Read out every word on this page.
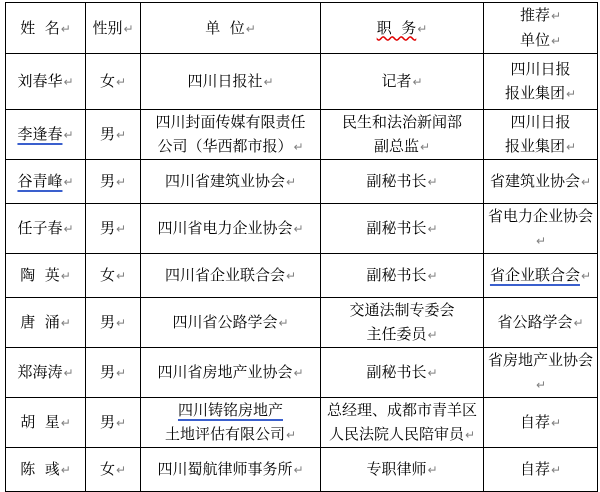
姓  名↵	性别↵	单  位↵	职  务↵	推荐↵
单位↵

刘春华↵	女↵	四川日报社↵	记者↵	四川日报
报业集团↵

李逢春↵	男↵	四川封面传媒有限责任
公司（华西都市报）↵	民生和法治新闻部
副总监↵	四川日报
报业集团↵

谷青峰↵	男↵	四川省建筑业协会↵	副秘书长↵	省建筑业协会↵

任子春↵	男↵	四川省电力企业协会↵	副秘书长↵	省电力企业协会↵

陶  英↵	女↵	四川省企业联合会↵	副秘书长↵	省企业联合会↵

唐  涌↵	男↵	四川省公路学会↵	交通法制专委会
主任委员↵	省公路学会↵

郑海涛↵	男↵	四川省房地产业协会↵	副秘书长↵	省房地产业协会↵

胡  星↵	男↵	四川铸铭房地产
土地评估有限公司↵	总经理、成都市青羊区
人民法院人民陪审员↵	自荐↵

陈  彧↵	女↵	四川蜀航律师事务所↵	专职律师↵	自荐↵
